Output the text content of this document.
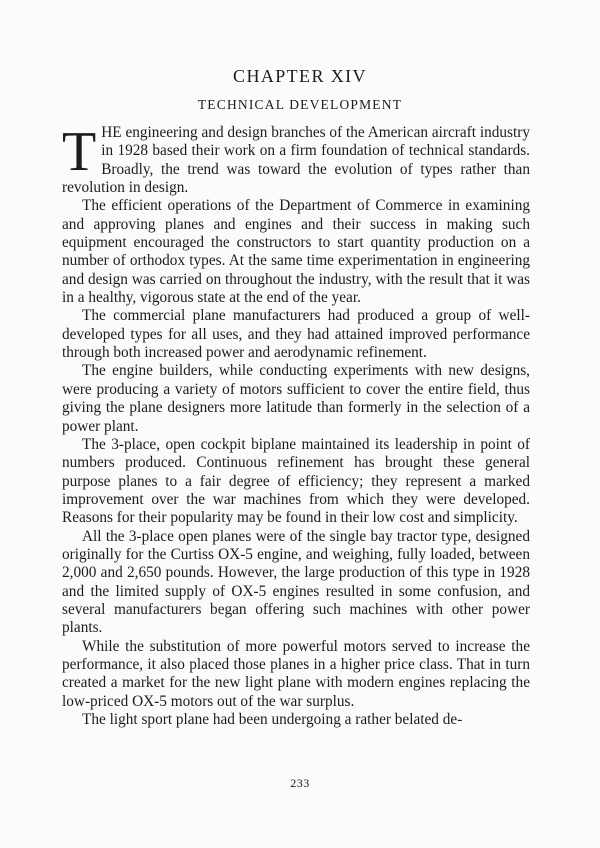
CHAPTER XIV
TECHNICAL DEVELOPMENT

THE engineering and design branches of the American aircraft industry in 1928 based their work on a firm foundation of technical standards. Broadly, the trend was toward the evolution of types rather than revolution in design.

The efficient operations of the Department of Commerce in examining and approving planes and engines and their success in making such equipment encouraged the constructors to start quantity production on a number of orthodox types. At the same time experimentation in engineering and design was carried on throughout the industry, with the result that it was in a healthy, vigorous state at the end of the year.

The commercial plane manufacturers had produced a group of well-developed types for all uses, and they had attained improved performance through both increased power and aerodynamic refinement.

The engine builders, while conducting experiments with new designs, were producing a variety of motors sufficient to cover the entire field, thus giving the plane designers more latitude than formerly in the selection of a power plant.

The 3-place, open cockpit biplane maintained its leadership in point of numbers produced. Continuous refinement has brought these general purpose planes to a fair degree of efficiency; they represent a marked improvement over the war machines from which they were developed. Reasons for their popularity may be found in their low cost and simplicity.

All the 3-place open planes were of the single bay tractor type, designed originally for the Curtiss OX-5 engine, and weighing, fully loaded, between 2,000 and 2,650 pounds. However, the large production of this type in 1928 and the limited supply of OX-5 engines resulted in some confusion, and several manufacturers began offering such machines with other power plants.

While the substitution of more powerful motors served to increase the performance, it also placed those planes in a higher price class. That in turn created a market for the new light plane with modern engines replacing the low-priced OX-5 motors out of the war surplus.

The light sport plane had been undergoing a rather belated de-

233
